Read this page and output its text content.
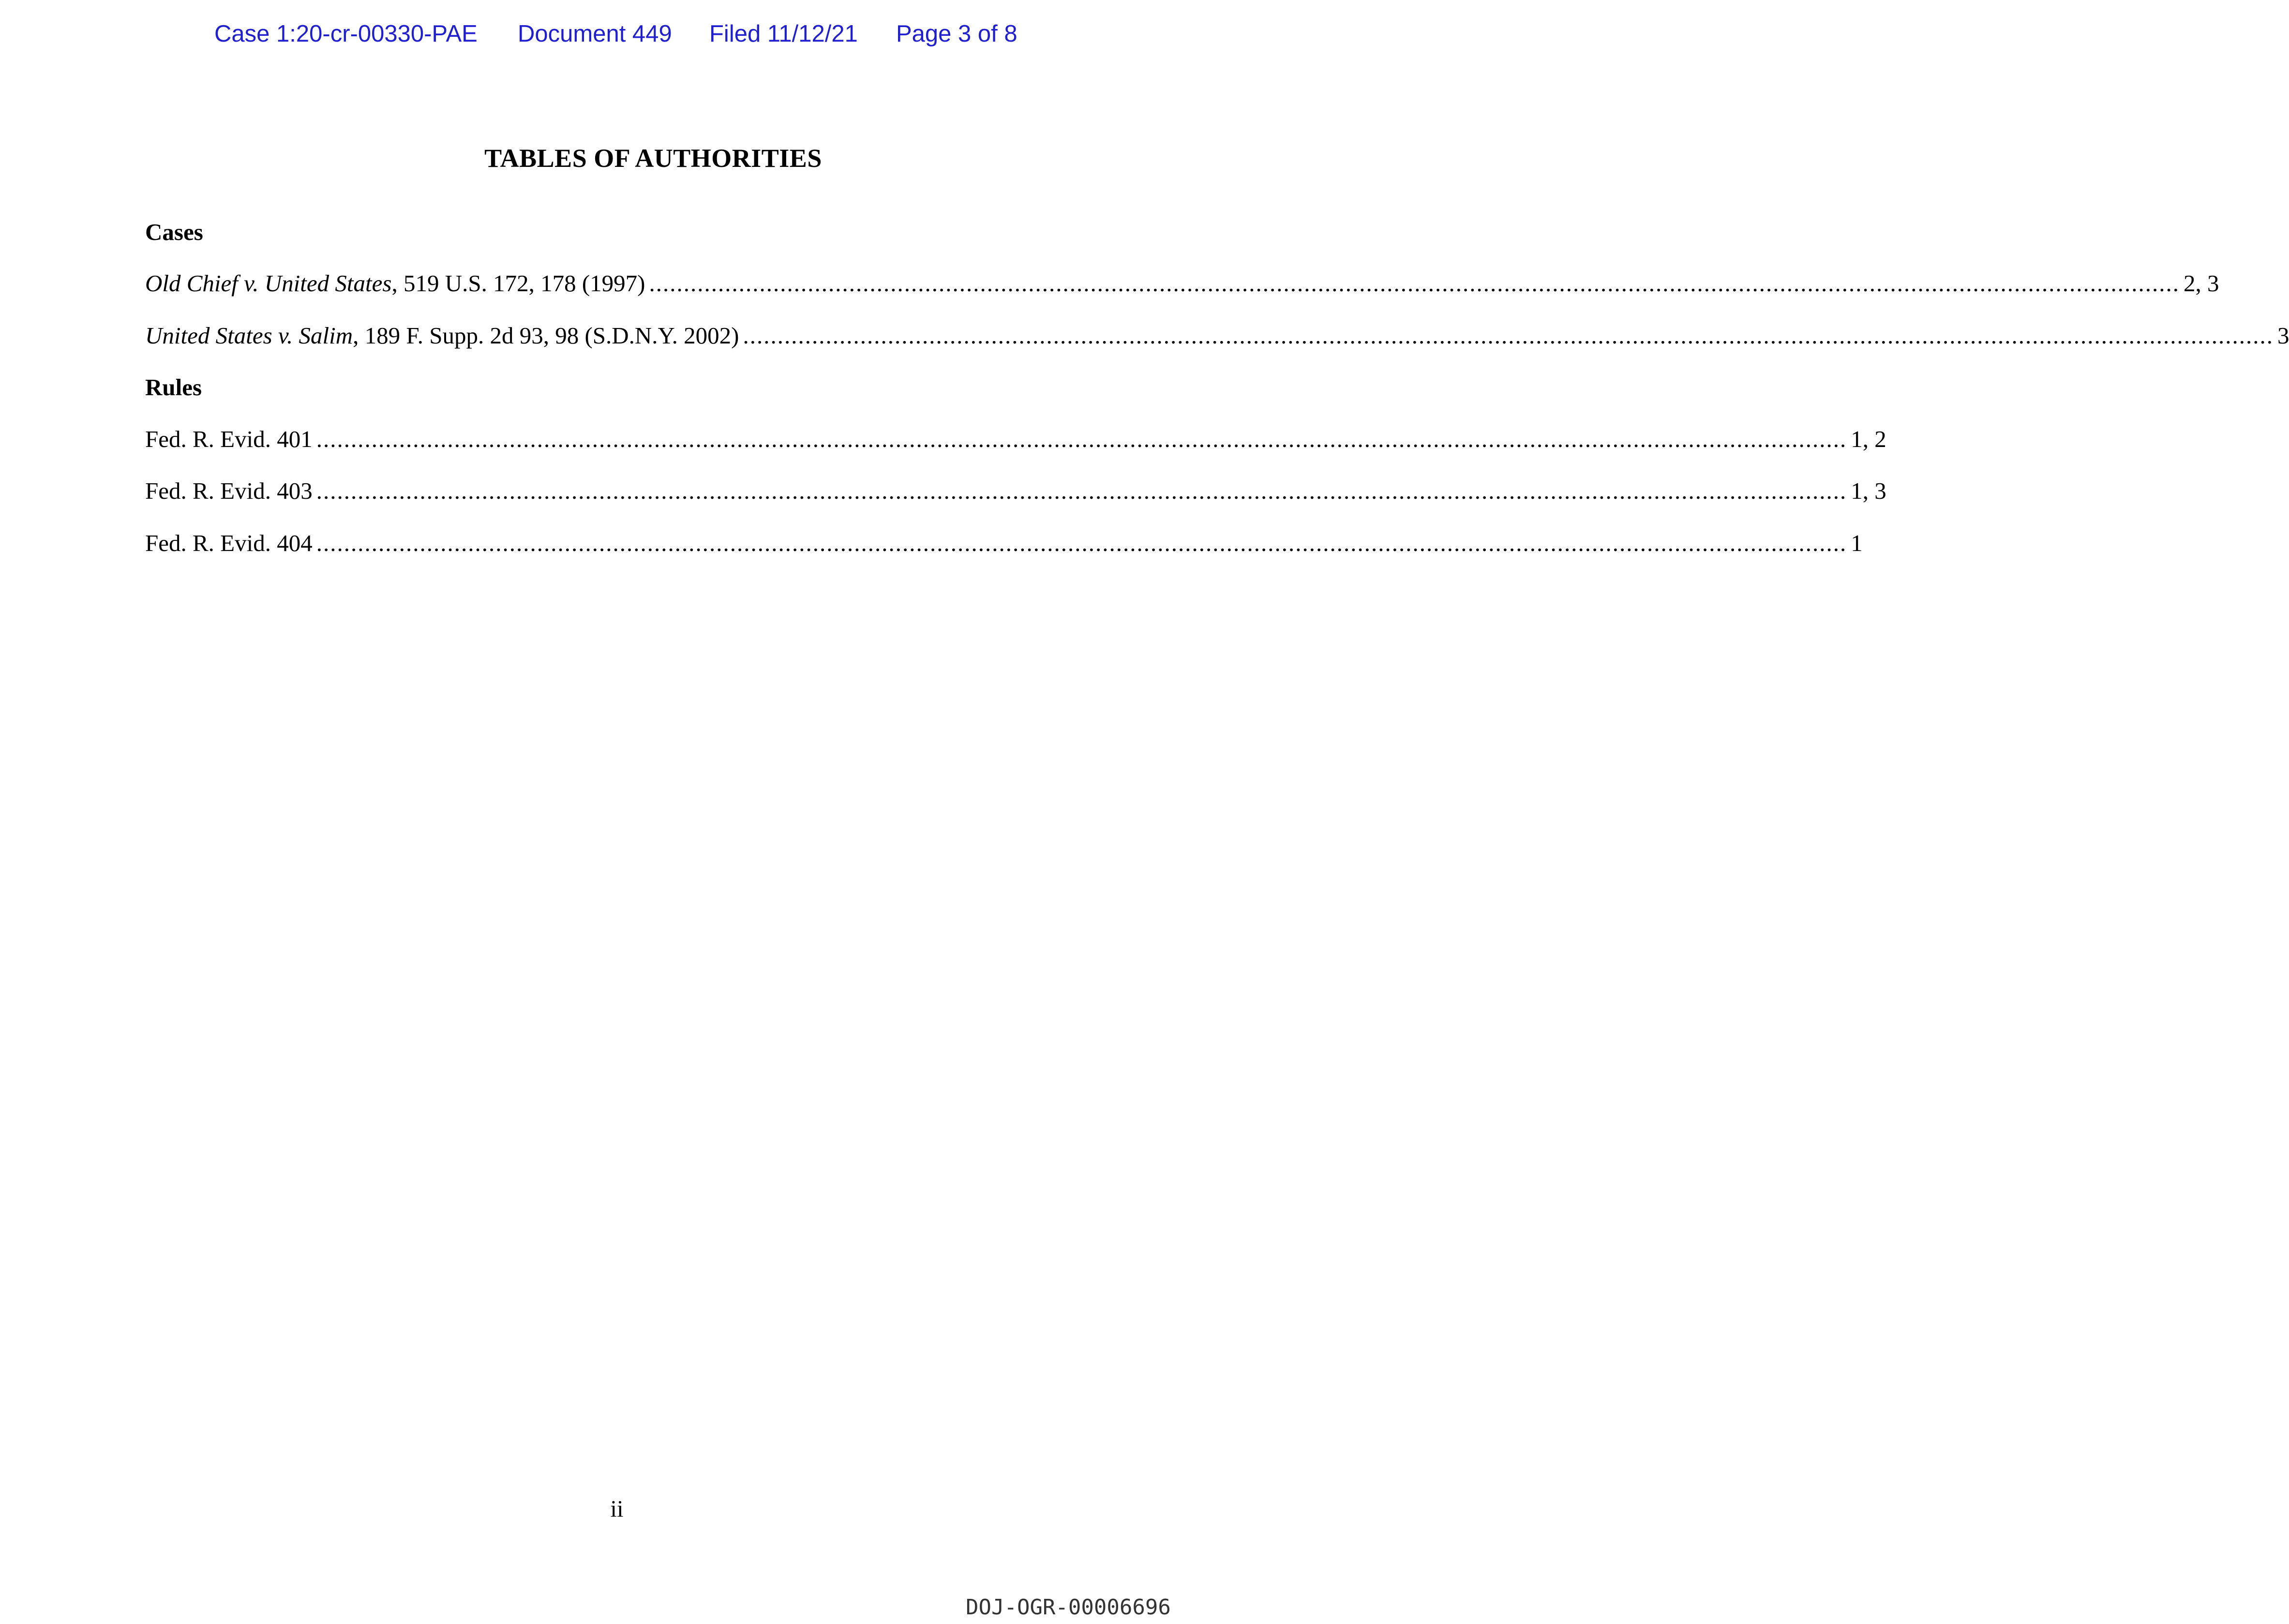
Case 1:20-cr-00330-PAE Document 449 Filed 11/12/21 Page 3 of 8
TABLES OF AUTHORITIES
Cases
Old Chief v. United States, 519 U.S. 172, 178 (1997) .............................................................................................................................................................................................................................. 2, 3
United States v. Salim, 189 F. Supp. 2d 93, 98 (S.D.N.Y. 2002) .............................................................................................................................................................................................................................. 3
Rules
Fed. R. Evid. 401 .............................................................................................................................................................................................................................. 1, 2
Fed. R. Evid. 403 .............................................................................................................................................................................................................................. 1, 3
Fed. R. Evid. 404 .............................................................................................................................................................................................................................. 1
ii
DOJ-OGR-00006696
